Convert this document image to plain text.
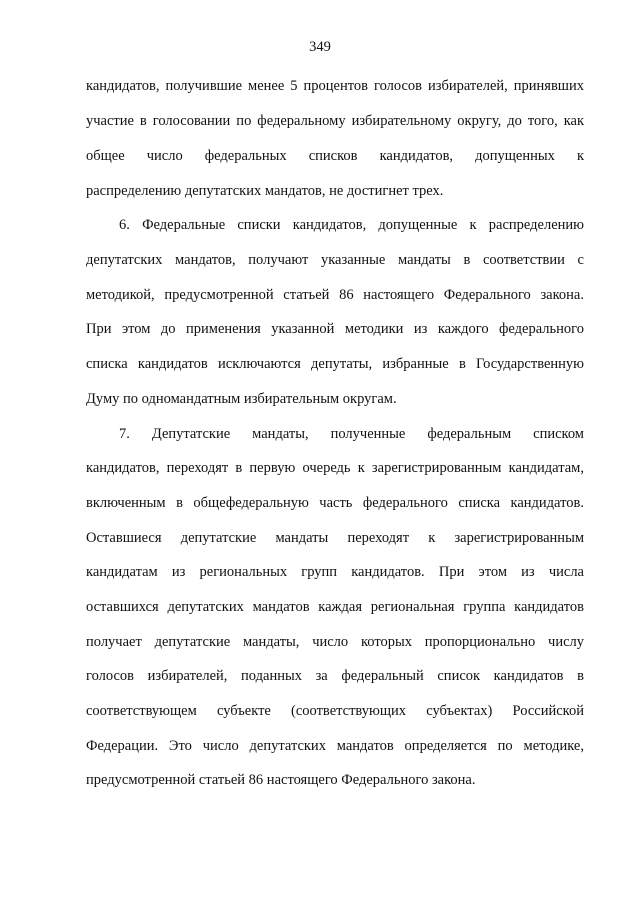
349
кандидатов, получившие менее 5 процентов голосов избирателей, принявших
участие в голосовании по федеральному избирательному округу, до того, как
общее число федеральных списков кандидатов, допущенных к
распределению депутатских мандатов, не достигнет трех.
6. Федеральные списки кандидатов, допущенные к распределению
депутатских мандатов, получают указанные мандаты в соответствии с
методикой, предусмотренной статьей 86 настоящего Федерального закона.
При этом до применения указанной методики из каждого федерального
списка кандидатов исключаются депутаты, избранные в Государственную
Думу по одномандатным избирательным округам.
7. Депутатские мандаты, полученные федеральным списком
кандидатов, переходят в первую очередь к зарегистрированным кандидатам,
включенным в общефедеральную часть федерального списка кандидатов.
Оставшиеся депутатские мандаты переходят к зарегистрированным
кандидатам из региональных групп кандидатов. При этом из числа
оставшихся депутатских мандатов каждая региональная группа кандидатов
получает депутатские мандаты, число которых пропорционально числу
голосов избирателей, поданных за федеральный список кандидатов в
соответствующем субъекте (соответствующих субъектах) Российской
Федерации. Это число депутатских мандатов определяется по методике,
предусмотренной статьей 86 настоящего Федерального закона.
